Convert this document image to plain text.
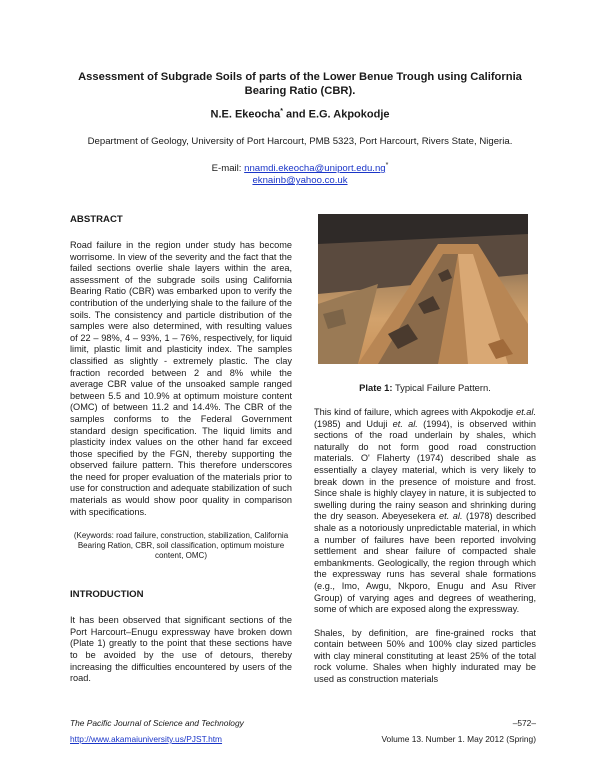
Assessment of Subgrade Soils of parts of the Lower Benue Trough using California Bearing Ratio (CBR).
N.E. Ekeocha* and E.G. Akpokodje
Department of Geology, University of Port Harcourt, PMB 5323, Port Harcourt, Rivers State, Nigeria.
E-mail: nnamdi.ekeocha@uniport.edu.ng*
eknainb@yahoo.co.uk

ABSTRACT

Road failure in the region under study has become worrisome. In view of the severity and the fact that the failed sections overlie shale layers within the area, assessment of the subgrade soils using California Bearing Ratio (CBR) was embarked upon to verify the contribution of the underlying shale to the failure of the soils. The consistency and particle distribution of the samples were also determined, with resulting values of 22 – 98%, 4 – 93%, 1 – 76%, respectively, for liquid limit, plastic limit and plasticity index. The samples classified as slightly - extremely plastic. The clay fraction recorded between 2 and 8% while the average CBR value of the unsoaked sample ranged between 5.5 and 10.9% at optimum moisture content (OMC) of between 11.2 and 14.4%. The CBR of the samples conforms to the Federal Government standard design specification. The liquid limits and plasticity index values on the other hand far exceed those specified by the FGN, thereby supporting the observed failure pattern. This therefore underscores the need for proper evaluation of the materials prior to use for construction and adequate stabilization of such materials as would show poor quality in comparison with specifications.

(Keywords: road failure, construction, stabilization, California Bearing Ration, CBR, soil classification, optimum moisture content, OMC)

INTRODUCTION

It has been observed that significant sections of the Port Harcourt–Enugu expressway have broken down (Plate 1) greatly to the point that these sections have to be avoided by the use of detours, thereby increasing the difficulties encountered by users of the road.

Plate 1: Typical Failure Pattern.

This kind of failure, which agrees with Akpokodje et.al. (1985) and Uduji et. al. (1994), is observed within sections of the road underlain by shales, which naturally do not form good road construction materials. O' Flaherty (1974) described shale as essentially a clayey material, which is very likely to break down in the presence of moisture and frost. Since shale is highly clayey in nature, it is subjected to swelling during the rainy season and shrinking during the dry season. Abeyesekera et. al. (1978) described shale as a notoriously unpredictable material, in which a number of failures have been reported involving settlement and shear failure of compacted shale embankments. Geologically, the region through which the expressway runs has several shale formations (e.g., Imo, Awgu, Nkporo, Enugu and Asu River Group) of varying ages and degrees of weathering, some of which are exposed along the expressway.

Shales, by definition, are fine-grained rocks that contain between 50% and 100% clay sized particles with clay mineral constituting at least 25% of the total rock volume. Shales when highly indurated may be used as construction materials

The Pacific Journal of Science and Technology	–572–
http://www.akamaiuniversity.us/PJST.htm	Volume 13. Number 1. May 2012 (Spring)
